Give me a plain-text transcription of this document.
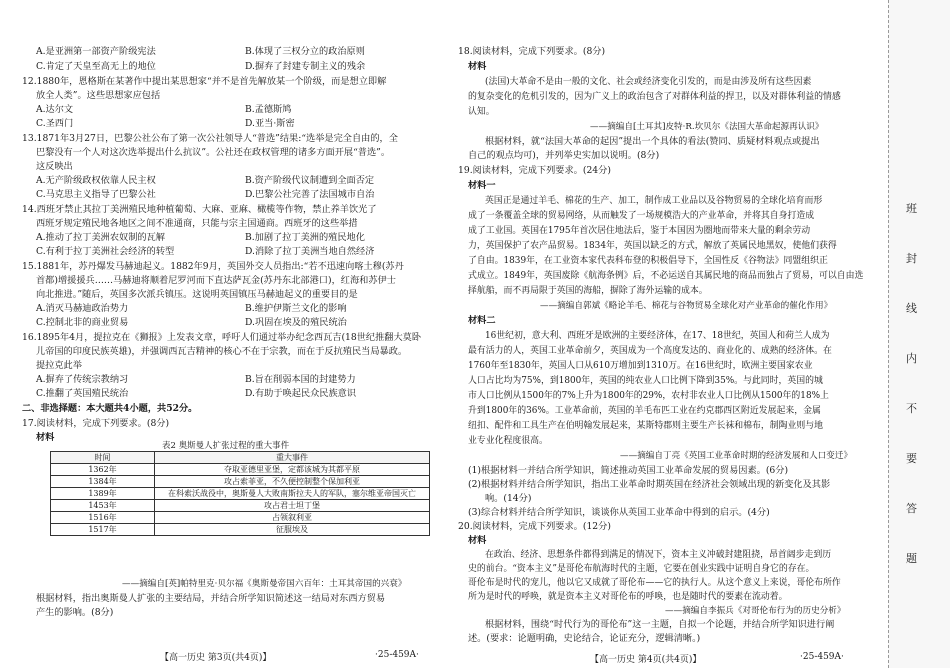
A.是亚洲第一部资产阶级宪法	B.体现了三权分立的政治原则
C.肯定了天皇至高无上的地位	D.摒弃了封建专制主义的残余
12.1880年，恩格斯在某著作中提出某思想家“并不是首先解放某一个阶级，而是想立即解
放全人类”。这些思想家应包括
A.达尔文	B.孟德斯鸠
C.圣西门	D.亚当·斯密
13.1871年3月27日，巴黎公社公布了第一次公社领导人“普选”结果:“选举是完全自由的，全
巴黎没有一个人对这次选举提出什么抗议”。公社还在政权管理的诸多方面开展“普选”。
这反映出
A.无产阶级政权依靠人民主权	B.资产阶级代议制遭到全面否定
C.马克思主义指导了巴黎公社	D.巴黎公社完善了法国城市自治
14.西班牙禁止其拉丁美洲殖民地种植葡萄、大麻、亚麻、橄榄等作物，禁止养羊饮光了
西班牙规定殖民地各地区之间不准通商，只能与宗主国通商。西班牙的这些举措
A.推动了拉丁美洲农奴制的瓦解	B.加剧了拉丁美洲的殖民地化
C.有利于拉丁美洲社会经济的转型	D.消除了拉丁美洲当地自然经济
15.1881年，苏丹爆发马赫迪起义。1882年9月，英国外交人员指出:“若不迅速向喀土穆(苏丹
首都)增援援兵……马赫迪将顺着尼罗河而下直达萨瓦金(苏丹东北部港口)，红海和苏伊士
向北推进。”随后，英国多次派兵镇压。这说明英国镇压马赫迪起义的重要目的是
A.消灭马赫迪政治势力	B.维护伊斯兰文化的影响
C.控制北非的商业贸易	D.巩固在埃及的殖民统治
16.1895年4月，提拉克在《狮报》上发表文章，呼吁人们通过举办纪念西瓦吉(18世纪推翻大莫卧
儿帝国的印度民族英雄)，并强调西瓦吉精神的核心不在于宗教，而在于反抗殖民当局暴政。
提拉克此举
A.摒弃了传统宗教纳习	B.旨在削弱本国的封建势力
C.推翻了英国殖民统治	D.有助于唤起民众民族意识
二、非选择题：本大题共4小题，共52分。
17.阅读材料，完成下列要求。(8分)
材料
表2 奥斯曼人扩张过程的重大事件
时间	重大事件
1362年	夺取亚德里亚堡，定都该城为其都平原
1384年	攻占索菲亚，不久便控制整个保加利亚
1389年	在科索沃战役中，奥斯曼人大败南斯拉夫人的军队，塞尔维亚帝国灭亡
1453年	攻占君士坦丁堡
1516年	占领叙利亚
1517年	征服埃及
——摘编自[英]帕特里克·贝尔福《奥斯曼帝国六百年：土耳其帝国的兴衰》
根据材料，指出奥斯曼人扩张的主要结局，并结合所学知识简述这一结局对东西方贸易
产生的影响。(8分)
【高一历史 第3页(共4页)】	·25-459A·
18.阅读材料，完成下列要求。(8分)
材料
(法国)大革命不是由一般的文化、社会或经济变化引发的，而是由涉及所有这些因素
的复杂变化的危机引发的，因为广义上的政治包含了对群体利益的捍卫，以及对群体利益的情感
认知。
——摘编自[土耳其]皮特·R.坎贝尔《法国大革命起源再认识》
根据材料，就“法国大革命的起因”提出一个具体的看法(赞同、质疑材料观点或提出
自己的观点均可)，并列举史实加以说明。(8分)
19.阅读材料，完成下列要求。(24分)
材料一
英国正是通过羊毛、棉花的生产、加工，制作成工业品以及谷物贸易的全球化培育而形
成了一条覆盖全球的贸易网络，从而触发了一场规模浩大的产业革命，并将其自身打造成
成了工业国。英国在1795年首次居住地法后，鉴于本国因为圈地而带来大量的剩余劳动
力，英国保护了农产品贸易。1834年，英国以缺乏的方式，解放了英属民地黑奴，使他们获得
了自由。1839年，在工业资本家代表科布登的积极倡导下，全国性反《谷物法》同盟组织正
式成立。1849年，英国废除《航海条例》后，不必运送自其属民地的商品而独占了贸易，可以自由选
择航船，而不再局限于英国的海船，摒除了海外运输的成本。
——摘编自郭斌《略论羊毛、棉花与谷物贸易全球化对产业革命的催化作用》
材料二
16世纪初，意大利、西班牙是欧洲的主要经济体，在17、18世纪，英国人和荷兰人成为
最有活力的人，英国工业革命前夕，英国成为一个高度发达的、商业化的、成熟的经济体。在
1760年至1830年，英国人口从610万增加到1310万。在16世纪时，欧洲主要国家农业
人口占比均为75%，到1800年，英国的纯农业人口比例下降到35%。与此同时，英国的城
市人口比例从1500年的7%上升为1800年的29%，农村非农业人口比例从1500年的18%上
升到1800年的36%。工业革命前，英国的羊毛布匹工业在约克郡西区附近发展起来，金属
纽扣、配件和工具生产在伯明翰发展起来，某斯特郡则主要生产长袜和棉布，制陶业则与地
业专业化程度很高。
——摘编自丁亮《英国工业革命时期的经济发展和人口变迁》
(1)根据材料一并结合所学知识，简述推动英国工业革命发展的贸易因素。(6分)
(2)根据材料并结合所学知识，指出工业革命时期英国在经济社会领域出现的新变化及其影
响。(14分)
(3)综合材料并结合所学知识，谈谈你从英国工业革命中得到的启示。(4分)
20.阅读材料，完成下列要求。(12分)
材料
在政治、经济、思想条件都得到满足的情况下，资本主义冲破封建阻挠，昂首阔步走到历
史的前台。“资本主义”是哥伦布航海时代的主题，它要在创业实践中证明自身它的存在。
哥伦布是时代的宠儿，他以它又成就了哥伦布——它的执行人。从这个意义上来说，哥伦布所作
所为是时代的呼唤，就是资本主义对哥伦布的呼唤，也是随时代的要素在流动着。
——摘编自李振兵《对哥伦布行为的历史分析》
根据材料，围绕“时代行为的哥伦布”这一主题，自拟一个论题，并结合所学知识进行阐
述。(要求：论题明确，史论结合，论证充分，逻辑清晰。)
【高一历史 第4页(共4页)】	·25-459A·
班
封
线
内
不
要
答
题
